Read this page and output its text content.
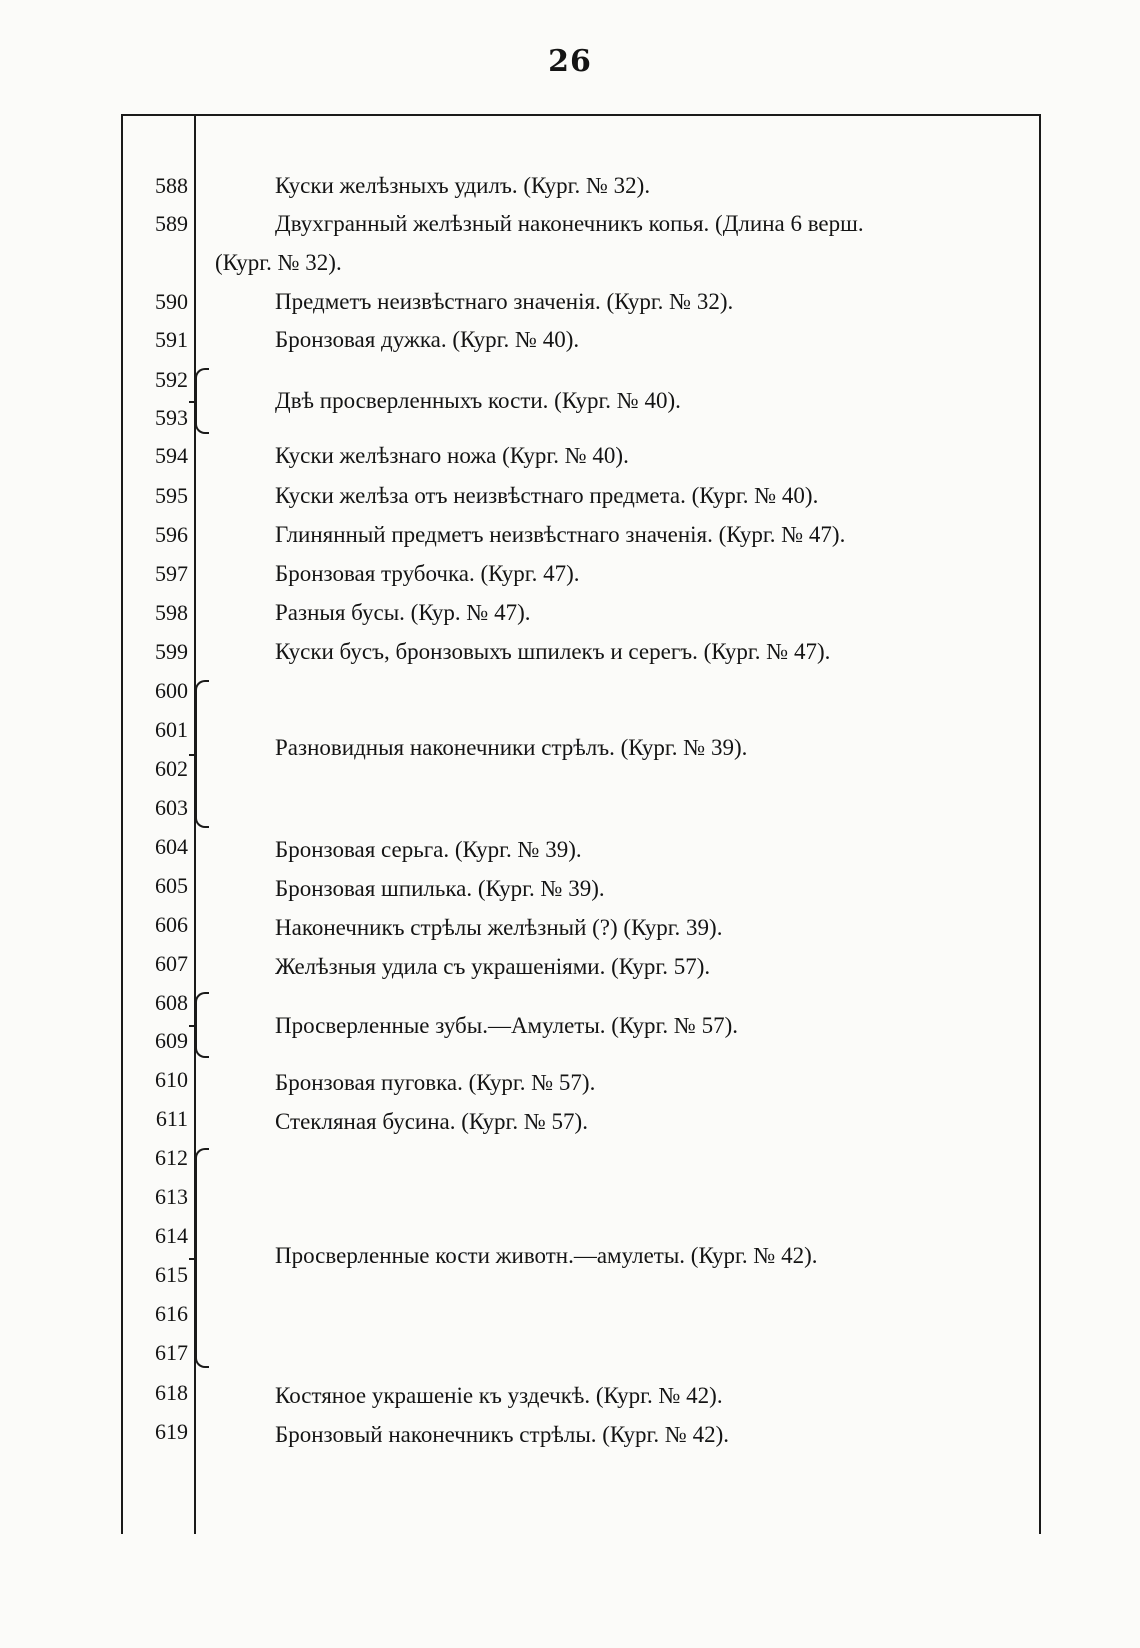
26
588
589
590
591
592
593
594
595
596
597
598
599
600
601
602
603
604
605
606
607
608
609
610
611
612
613
614
615
616
617
618
619
Куски желѣзныхъ удилъ. (Кург. № 32).
Двухгранный желѣзный наконечникъ копья. (Длина 6 верш.
(Кург. № 32).
Предметъ неизвѣстнаго значенія. (Кург. № 32).
Бронзовая дужка. (Кург. № 40).
Двѣ просверленныхъ кости. (Кург. № 40).
Куски желѣзнаго ножа (Кург. № 40).
Куски желѣза отъ неизвѣстнаго предмета. (Кург. № 40).
Глинянный предметъ неизвѣстнаго значенія. (Кург. № 47).
Бронзовая трубочка. (Кург. 47).
Разныя бусы. (Кур. № 47).
Куски бусъ, бронзовыхъ шпилекъ и серегъ. (Кург. № 47).
Разновидныя наконечники стрѣлъ. (Кург. № 39).
Бронзовая серьга. (Кург. № 39).
Бронзовая шпилька. (Кург. № 39).
Наконечникъ стрѣлы желѣзный (?) (Кург. 39).
Желѣзныя удила съ украшеніями. (Кург. 57).
Просверленные зубы.—Амулеты. (Кург. № 57).
Бронзовая пуговка. (Кург. № 57).
Стекляная бусина. (Кург. № 57).
Просверленные кости животн.—амулеты. (Кург. № 42).
Костяное украшеніе къ уздечкѣ. (Кург. № 42).
Бронзовый наконечникъ стрѣлы. (Кург. № 42).
